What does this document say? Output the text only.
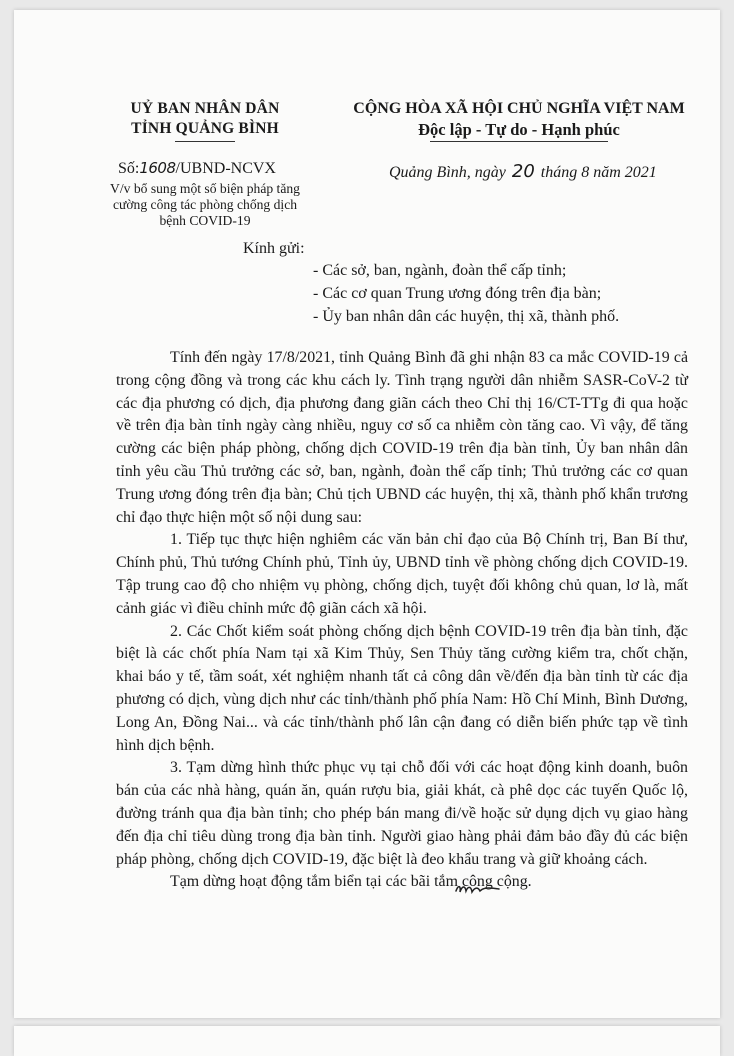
UỶ BAN NHÂN DÂN
TỈNH QUẢNG BÌNH
CỘNG HÒA XÃ HỘI CHỦ NGHĨA VIỆT NAM
Độc lập - Tự do - Hạnh phúc
Số:1608/UBND-NCVX
V/v bổ sung một số biện pháp tăng cường công tác phòng chống dịch bệnh COVID-19
Quảng Bình, ngày 20 tháng 8 năm 2021
Kính gửi:
- Các sở, ban, ngành, đoàn thể cấp tỉnh;
- Các cơ quan Trung ương đóng trên địa bàn;
- Ủy ban nhân dân các huyện, thị xã, thành phố.

Tính đến ngày 17/8/2021, tỉnh Quảng Bình đã ghi nhận 83 ca mắc COVID-19 cả trong cộng đồng và trong các khu cách ly. Tình trạng người dân nhiễm SASR-CoV-2 từ các địa phương có dịch, địa phương đang giãn cách theo Chỉ thị 16/CT-TTg đi qua hoặc về trên địa bàn tỉnh ngày càng nhiều, nguy cơ số ca nhiễm còn tăng cao. Vì vậy, để tăng cường các biện pháp phòng, chống dịch COVID-19 trên địa bàn tỉnh, Ủy ban nhân dân tỉnh yêu cầu Thủ trưởng các sở, ban, ngành, đoàn thể cấp tỉnh; Thủ trưởng các cơ quan Trung ương đóng trên địa bàn; Chủ tịch UBND các huyện, thị xã, thành phố khẩn trương chỉ đạo thực hiện một số nội dung sau:

1. Tiếp tục thực hiện nghiêm các văn bản chỉ đạo của Bộ Chính trị, Ban Bí thư, Chính phủ, Thủ tướng Chính phủ, Tỉnh ủy, UBND tỉnh về phòng chống dịch COVID-19. Tập trung cao độ cho nhiệm vụ phòng, chống dịch, tuyệt đối không chủ quan, lơ là, mất cảnh giác vì điều chỉnh mức độ giãn cách xã hội.

2. Các Chốt kiểm soát phòng chống dịch bệnh COVID-19 trên địa bàn tỉnh, đặc biệt là các chốt phía Nam tại xã Kim Thủy, Sen Thủy tăng cường kiểm tra, chốt chặn, khai báo y tế, tầm soát, xét nghiệm nhanh tất cả công dân về/đến địa bàn tỉnh từ các địa phương có dịch, vùng dịch như các tỉnh/thành phố phía Nam: Hồ Chí Minh, Bình Dương, Long An, Đồng Nai... và các tỉnh/thành phố lân cận đang có diễn biến phức tạp về tình hình dịch bệnh.

3. Tạm dừng hình thức phục vụ tại chỗ đối với các hoạt động kinh doanh, buôn bán của các nhà hàng, quán ăn, quán rượu bia, giải khát, cà phê dọc các tuyến Quốc lộ, đường tránh qua địa bàn tỉnh; cho phép bán mang đi/về hoặc sử dụng dịch vụ giao hàng đến địa chỉ tiêu dùng trong địa bàn tỉnh. Người giao hàng phải đảm bảo đầy đủ các biện pháp phòng, chống dịch COVID-19, đặc biệt là đeo khẩu trang và giữ khoảng cách.

Tạm dừng hoạt động tắm biển tại các bãi tắm công cộng.
